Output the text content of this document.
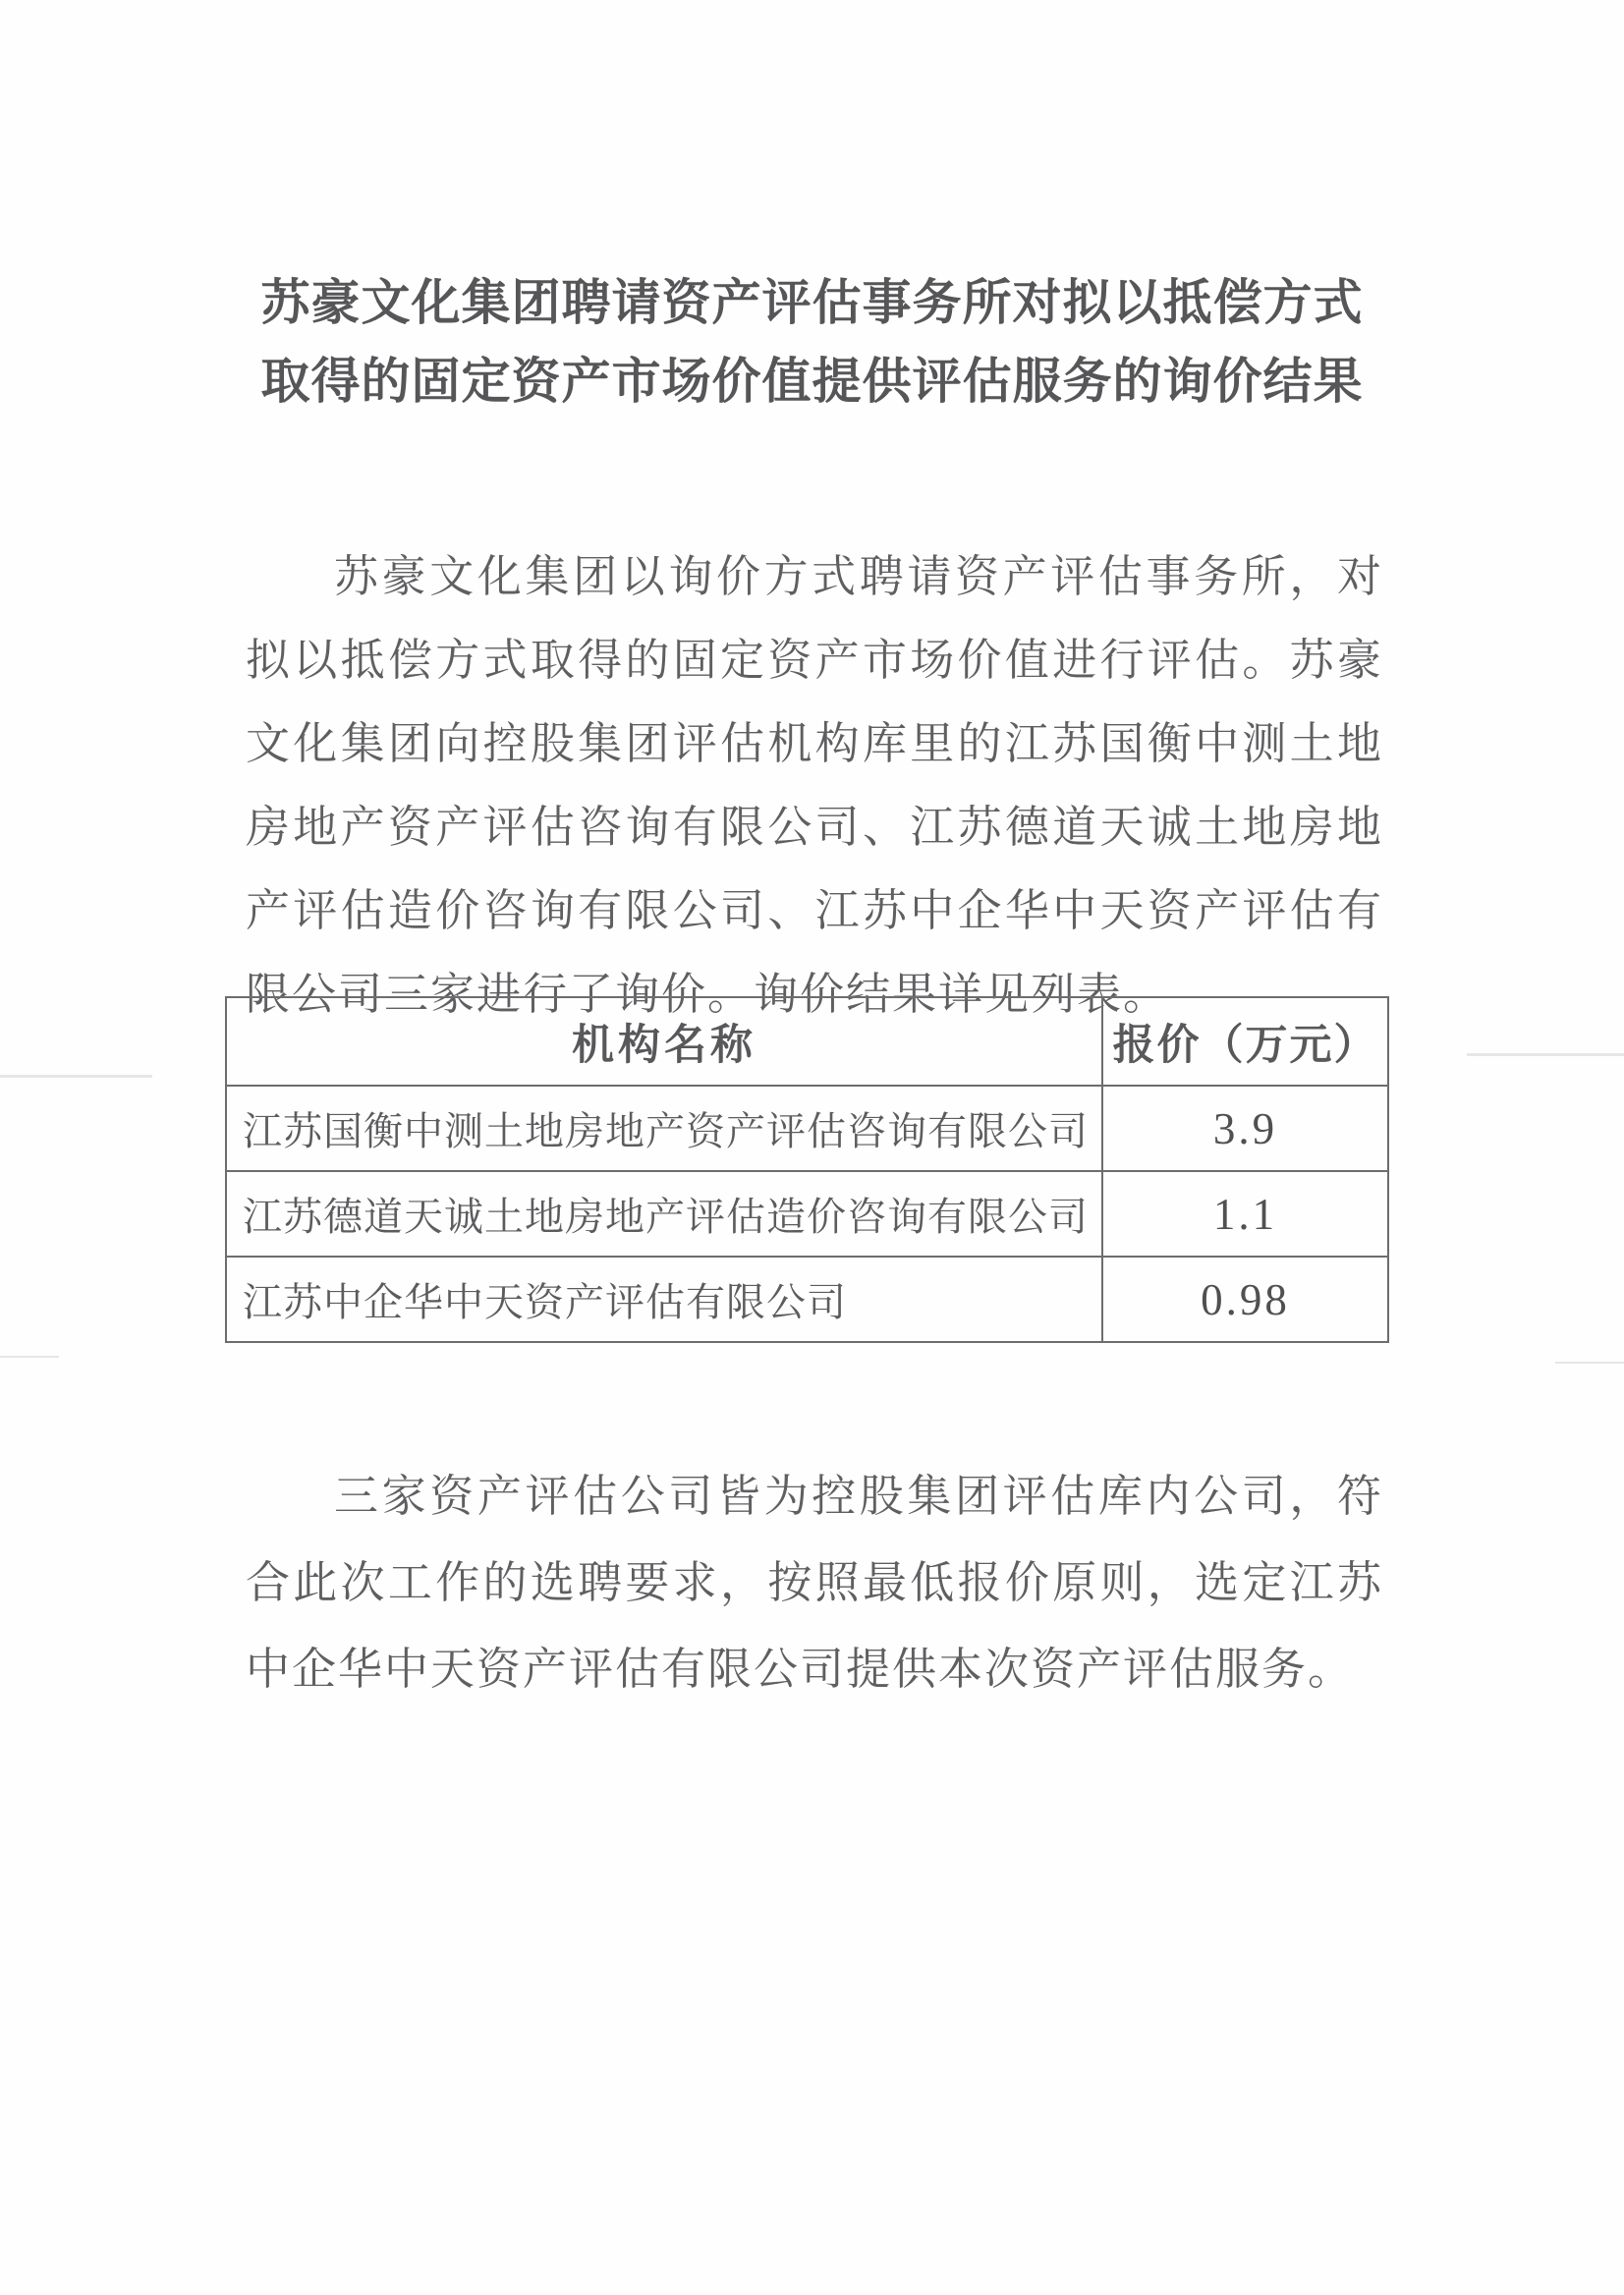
苏豪文化集团聘请资产评估事务所对拟以抵偿方式
取得的固定资产市场价值提供评估服务的询价结果

苏豪文化集团以询价方式聘请资产评估事务所，对拟以抵偿方式取得的固定资产市场价值进行评估。苏豪文化集团向控股集团评估机构库里的江苏国衡中测土地房地产资产评估咨询有限公司、江苏德道天诚土地房地产评估造价咨询有限公司、江苏中企华中天资产评估有限公司三家进行了询价。询价结果详见列表。

机构名称	报价（万元）
江苏国衡中测土地房地产资产评估咨询有限公司	3.9
江苏德道天诚土地房地产评估造价咨询有限公司	1.1
江苏中企华中天资产评估有限公司	0.98

三家资产评估公司皆为控股集团评估库内公司，符合此次工作的选聘要求，按照最低报价原则，选定江苏中企华中天资产评估有限公司提供本次资产评估服务。
